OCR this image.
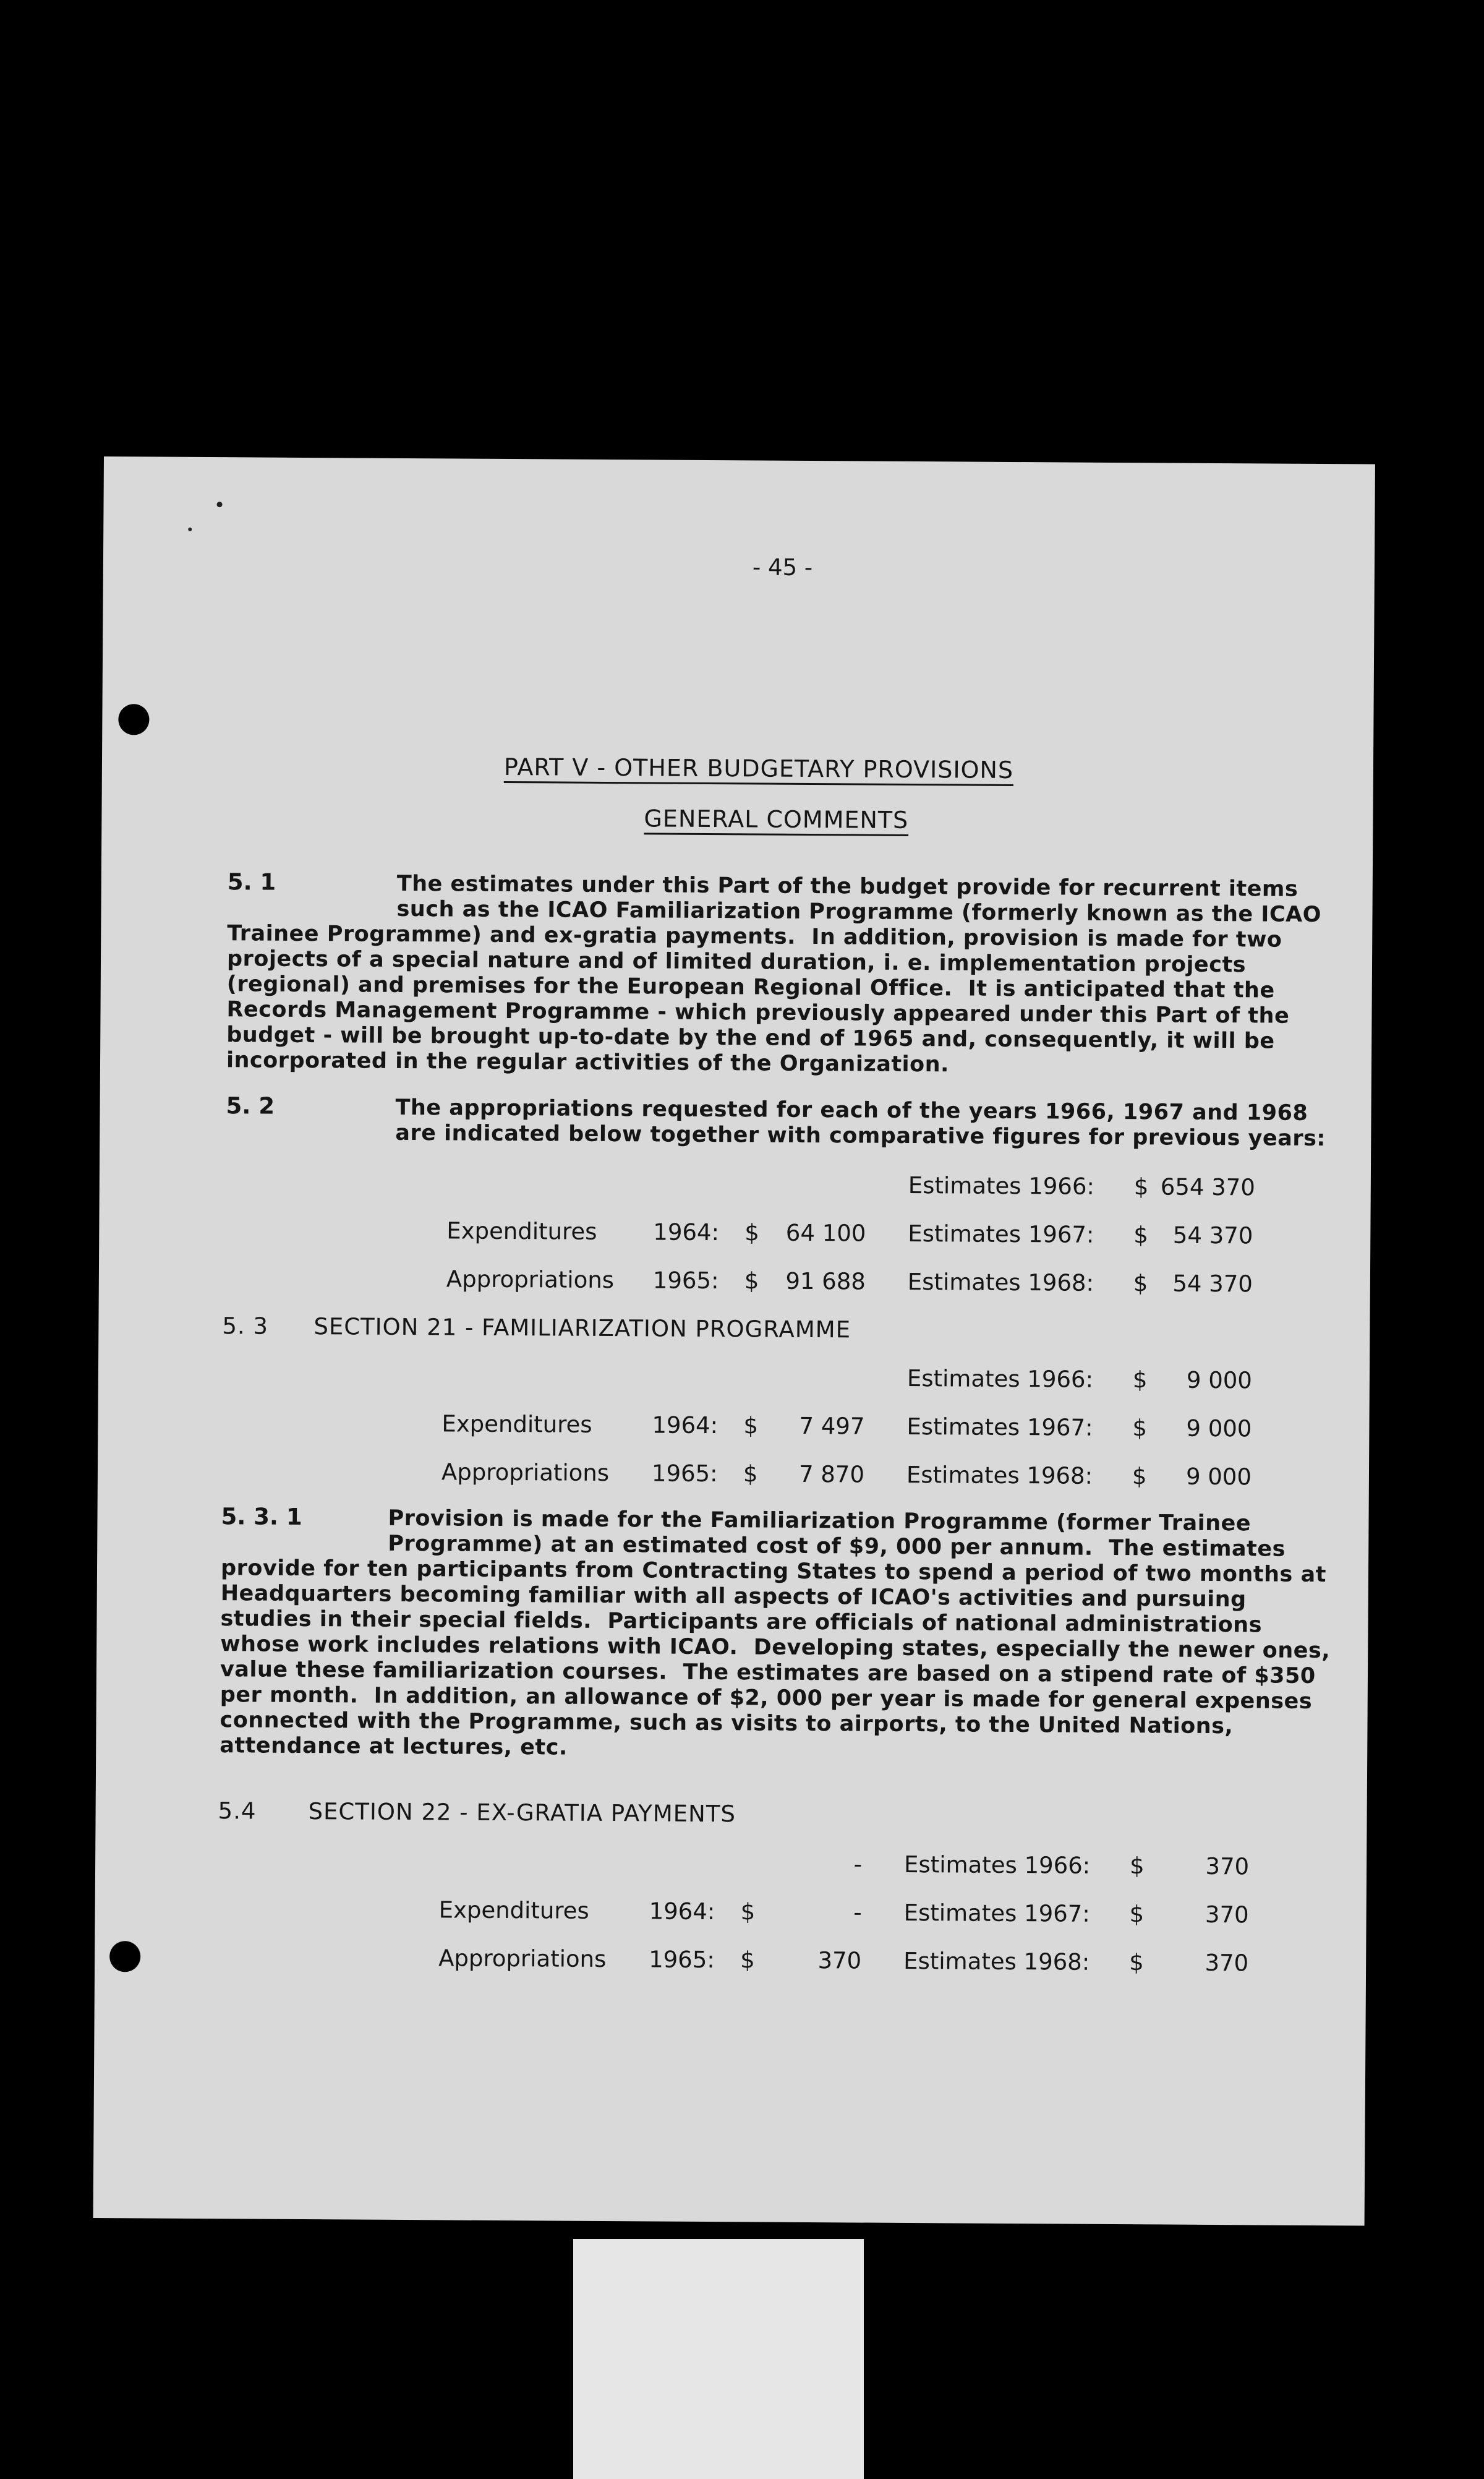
- 45 -
PART V - OTHER BUDGETARY PROVISIONS
GENERAL COMMENTS
5. 1	The estimates under this Part of the budget provide for recurrent items
such as the ICAO Familiarization Programme (formerly known as the ICAO
Trainee Programme) and ex-gratia payments.  In addition, provision is made for two
projects of a special nature and of limited duration, i. e. implementation projects
(regional) and premises for the European Regional Office.  It is anticipated that the
Records Management Programme - which previously appeared under this Part of the
budget - will be brought up-to-date by the end of 1965 and, consequently, it will be
incorporated in the regular activities of the Organization.
5. 2	The appropriations requested for each of the years 1966, 1967 and 1968
are indicated below together with comparative figures for previous years:
Estimates 1966: $ 654 370
Expenditures 1964: $	64 100 Estimates 1967: $	54 370
Appropriations 1965: $	91 688 Estimates 1968: $	54 370
5. 3 SECTION 21 - FAMILIARIZATION PROGRAMME
Estimates 1966: $	9 000
Expenditures	1964: $	7 497 Estimates 1967: $	9 000
Appropriations 1965: $	7 870 Estimates 1968: $	9 000
5. 3. 1	Provision is made for the Familiarization Programme (former Trainee
Programme) at an estimated cost of $9, 000 per annum.  The estimates
provide for ten participants from Contracting States to spend a period of two months at
Headquarters becoming familiar with all aspects of ICAO's activities and pursuing
studies in their special fields.  Participants are officials of national administrations
whose work includes relations with ICAO.  Developing states, especially the newer ones,
value these familiarization courses.  The estimates are based on a stipend rate of $350
per month.  In addition, an allowance of $2, 000 per year is made for general expenses
connected with the Programme, such as visits to airports, to the United Nations,
attendance at lectures, etc.
5.4 SECTION 22 - EX-GRATIA PAYMENTS
- Estimates 1966: $	370
Expenditures	1964: $	- Estimates 1967: $	370
Appropriations 1965: $	370 Estimates 1968: $	370
